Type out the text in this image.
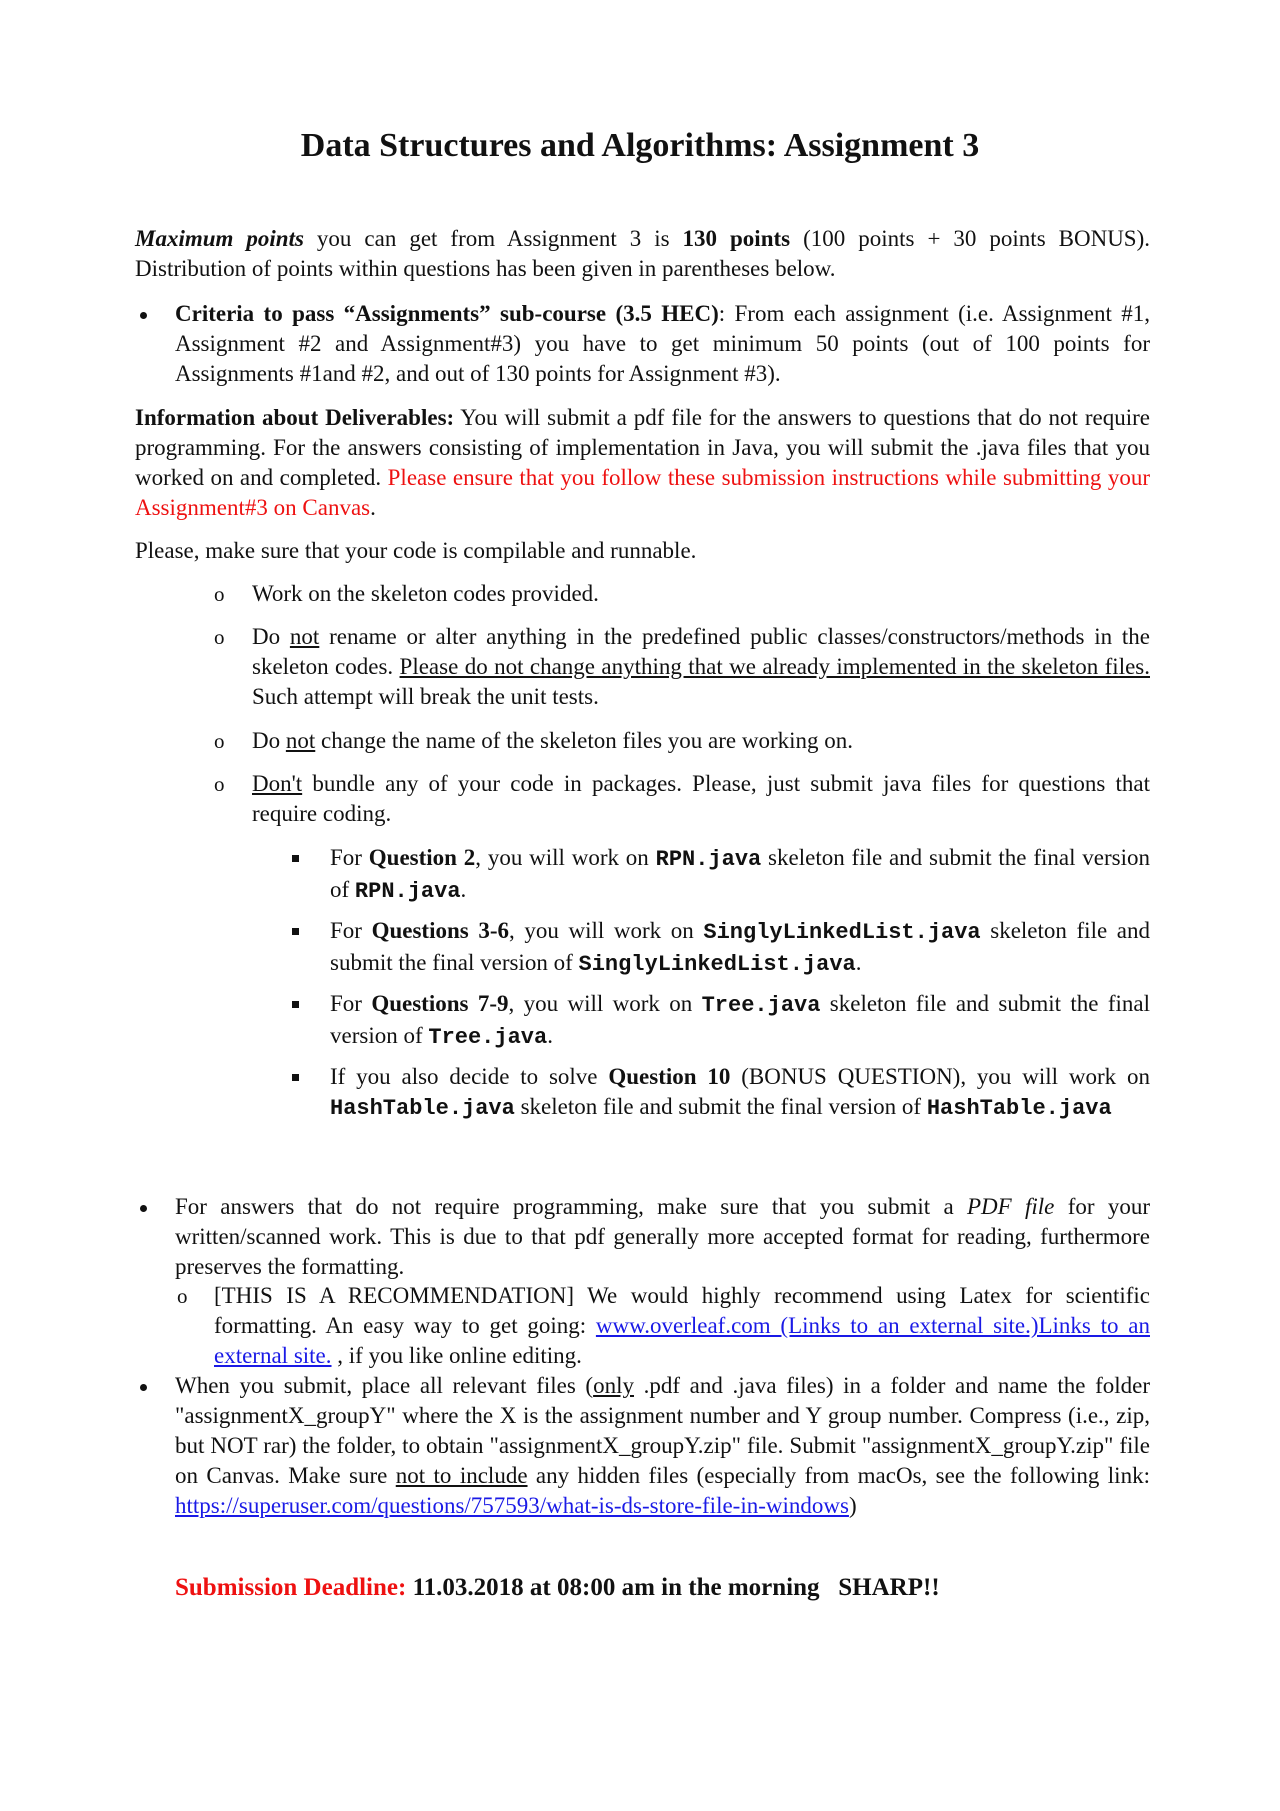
Data Structures and Algorithms: Assignment 3
Maximum points you can get from Assignment 3 is 130 points (100 points + 30 points BONUS). Distribution of points within questions has been given in parentheses below.
Criteria to pass “Assignments” sub-course (3.5 HEC): From each assignment (i.e. Assignment #1, Assignment #2 and Assignment#3) you have to get minimum 50 points (out of 100 points for Assignments #1and #2, and out of 130 points for Assignment #3).
Information about Deliverables: You will submit a pdf file for the answers to questions that do not require programming. For the answers consisting of implementation in Java, you will submit the .java files that you worked on and completed. Please ensure that you follow these submission instructions while submitting your Assignment#3 on Canvas.
Please, make sure that your code is compilable and runnable.
o Work on the skeleton codes provided.
o Do not rename or alter anything in the predefined public classes/constructors/methods in the skeleton codes. Please do not change anything that we already implemented in the skeleton files. Such attempt will break the unit tests.
o Do not change the name of the skeleton files you are working on.
o Don't bundle any of your code in packages. Please, just submit java files for questions that require coding.
For Question 2, you will work on RPN.java skeleton file and submit the final version of RPN.java.
For Questions 3-6, you will work on SinglyLinkedList.java skeleton file and submit the final version of SinglyLinkedList.java.
For Questions 7-9, you will work on Tree.java skeleton file and submit the final version of Tree.java.
If you also decide to solve Question 10 (BONUS QUESTION), you will work on HashTable.java skeleton file and submit the final version of HashTable.java
For answers that do not require programming, make sure that you submit a PDF file for your written/scanned work. This is due to that pdf generally more accepted format for reading, furthermore preserves the formatting.
o [THIS IS A RECOMMENDATION] We would highly recommend using Latex for scientific formatting. An easy way to get going: www.overleaf.com (Links to an external site.)Links to an external site. , if you like online editing.
When you submit, place all relevant files (only .pdf and .java files) in a folder and name the folder "assignmentX_groupY" where the X is the assignment number and Y group number. Compress (i.e., zip, but NOT rar) the folder, to obtain "assignmentX_groupY.zip" file. Submit "assignmentX_groupY.zip" file on Canvas. Make sure not to include any hidden files (especially from macOs, see the following link: https://superuser.com/questions/757593/what-is-ds-store-file-in-windows)
Submission Deadline: 11.03.2018 at 08:00 am in the morning   SHARP!!
